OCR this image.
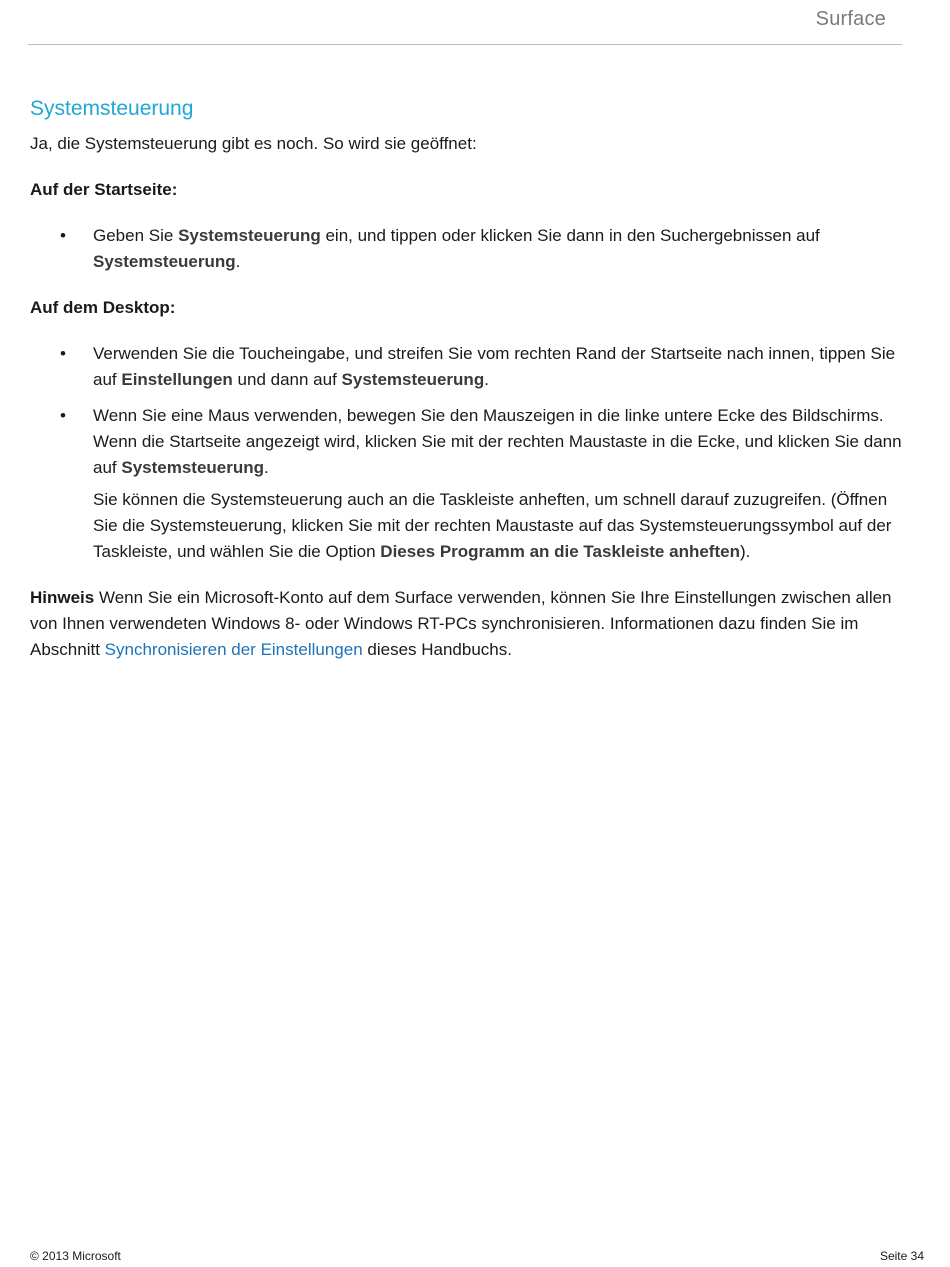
Surface
Systemsteuerung

Ja, die Systemsteuerung gibt es noch. So wird sie geöffnet:

Auf der Startseite:

• Geben Sie Systemsteuerung ein, und tippen oder klicken Sie dann in den Suchergebnissen auf Systemsteuerung.

Auf dem Desktop:

• Verwenden Sie die Toucheingabe, und streifen Sie vom rechten Rand der Startseite nach innen, tippen Sie auf Einstellungen und dann auf Systemsteuerung.
• Wenn Sie eine Maus verwenden, bewegen Sie den Mauszeigen in die linke untere Ecke des Bildschirms. Wenn die Startseite angezeigt wird, klicken Sie mit der rechten Maustaste in die Ecke, und klicken Sie dann auf Systemsteuerung.
Sie können die Systemsteuerung auch an die Taskleiste anheften, um schnell darauf zuzugreifen. (Öffnen Sie die Systemsteuerung, klicken Sie mit der rechten Maustaste auf das Systemsteuerungssymbol auf der Taskleiste, und wählen Sie die Option Dieses Programm an die Taskleiste anheften).

Hinweis Wenn Sie ein Microsoft-Konto auf dem Surface verwenden, können Sie Ihre Einstellungen zwischen allen von Ihnen verwendeten Windows 8- oder Windows RT-PCs synchronisieren. Informationen dazu finden Sie im Abschnitt Synchronisieren der Einstellungen dieses Handbuchs.

© 2013 Microsoft	Seite 34
